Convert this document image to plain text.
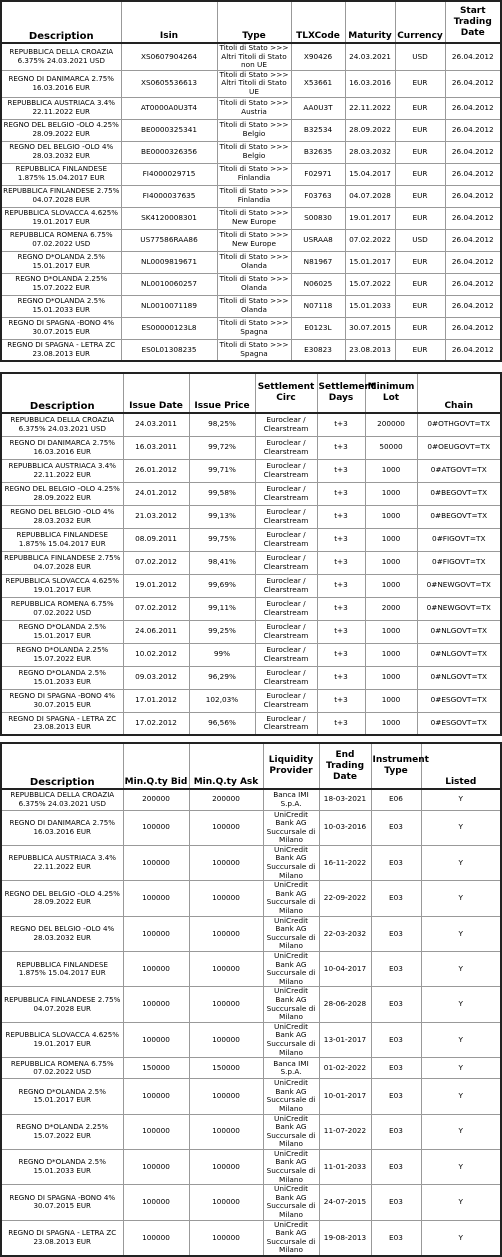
Description	Isin	Type	TLXCode	Maturity	Currency	Start Trading Date
REPUBBLICA DELLA CROAZIA 6.375% 24.03.2021 USD	XS0607904264	Titoli di Stato >>> Altri Titoli di Stato non UE	X90426	24.03.2021	USD	26.04.2012
REGNO DI DANIMARCA 2.75% 16.03.2016 EUR	XS0605536613	Titoli di Stato >>> Altri Titoli di Stato UE	X53661	16.03.2016	EUR	26.04.2012
REPUBBLICA AUSTRIACA 3.4% 22.11.2022 EUR	AT0000A0U3T4	Titoli di Stato >>> Austria	AA0U3T	22.11.2022	EUR	26.04.2012
REGNO DEL BELGIO -OLO 4.25% 28.09.2022 EUR	BE0000325341	Titoli di Stato >>> Belgio	B32534	28.09.2022	EUR	26.04.2012
REGNO DEL BELGIO -OLO 4% 28.03.2032 EUR	BE0000326356	Titoli di Stato >>> Belgio	B32635	28.03.2032	EUR	26.04.2012
REPUBBLICA FINLANDESE 1.875% 15.04.2017 EUR	FI4000029715	Titoli di Stato >>> Finlandia	F02971	15.04.2017	EUR	26.04.2012
REPUBBLICA FINLANDESE 2.75% 04.07.2028 EUR	FI4000037635	Titoli di Stato >>> Finlandia	F03763	04.07.2028	EUR	26.04.2012
REPUBBLICA SLOVACCA 4.625% 19.01.2017 EUR	SK4120008301	Titoli di Stato >>> New Europe	S00830	19.01.2017	EUR	26.04.2012
REPUBBLICA ROMENA 6.75% 07.02.2022 USD	US77586RAA86	Titoli di Stato >>> New Europe	USRAA8	07.02.2022	USD	26.04.2012
REGNO D*OLANDA 2.5% 15.01.2017 EUR	NL0009819671	Titoli di Stato >>> Olanda	N81967	15.01.2017	EUR	26.04.2012
REGNO D*OLANDA 2.25% 15.07.2022 EUR	NL0010060257	Titoli di Stato >>> Olanda	N06025	15.07.2022	EUR	26.04.2012
REGNO D*OLANDA 2.5% 15.01.2033 EUR	NL0010071189	Titoli di Stato >>> Olanda	N07118	15.01.2033	EUR	26.04.2012
REGNO DI SPAGNA -BONO 4% 30.07.2015 EUR	ES00000123L8	Titoli di Stato >>> Spagna	E0123L	30.07.2015	EUR	26.04.2012
REGNO DI SPAGNA - LETRA ZC 23.08.2013 EUR	ES0L01308235	Titoli di Stato >>> Spagna	E30823	23.08.2013	EUR	26.04.2012
Description	Issue Date	Issue Price	Settlement Circ	Settlement Days	Minimum Lot	Chain
REPUBBLICA DELLA CROAZIA 6.375% 24.03.2021 USD	24.03.2011	98,25%	Euroclear / Clearstream	t+3	200000	0#OTHGOVT=TX
REGNO DI DANIMARCA 2.75% 16.03.2016 EUR	16.03.2011	99,72%	Euroclear / Clearstream	t+3	50000	0#OEUGOVT=TX
REPUBBLICA AUSTRIACA 3.4% 22.11.2022 EUR	26.01.2012	99,71%	Euroclear / Clearstream	t+3	1000	0#ATGOVT=TX
REGNO DEL BELGIO -OLO 4.25% 28.09.2022 EUR	24.01.2012	99,58%	Euroclear / Clearstream	t+3	1000	0#BEGOVT=TX
REGNO DEL BELGIO -OLO 4% 28.03.2032 EUR	21.03.2012	99,13%	Euroclear / Clearstream	t+3	1000	0#BEGOVT=TX
REPUBBLICA FINLANDESE 1.875% 15.04.2017 EUR	08.09.2011	99,75%	Euroclear / Clearstream	t+3	1000	0#FIGOVT=TX
REPUBBLICA FINLANDESE 2.75% 04.07.2028 EUR	07.02.2012	98,41%	Euroclear / Clearstream	t+3	1000	0#FIGOVT=TX
REPUBBLICA SLOVACCA 4.625% 19.01.2017 EUR	19.01.2012	99,69%	Euroclear / Clearstream	t+3	1000	0#NEWGOVT=TX
REPUBBLICA ROMENA 6.75% 07.02.2022 USD	07.02.2012	99,11%	Euroclear / Clearstream	t+3	2000	0#NEWGOVT=TX
REGNO D*OLANDA 2.5% 15.01.2017 EUR	24.06.2011	99,25%	Euroclear / Clearstream	t+3	1000	0#NLGOVT=TX
REGNO D*OLANDA 2.25% 15.07.2022 EUR	10.02.2012	99%	Euroclear / Clearstream	t+3	1000	0#NLGOVT=TX
REGNO D*OLANDA 2.5% 15.01.2033 EUR	09.03.2012	96,29%	Euroclear / Clearstream	t+3	1000	0#NLGOVT=TX
REGNO DI SPAGNA -BONO 4% 30.07.2015 EUR	17.01.2012	102,03%	Euroclear / Clearstream	t+3	1000	0#ESGOVT=TX
REGNO DI SPAGNA - LETRA ZC 23.08.2013 EUR	17.02.2012	96,56%	Euroclear / Clearstream	t+3	1000	0#ESGOVT=TX
Description	Min.Q.ty Bid	Min.Q.ty Ask	Liquidity Provider	End Trading Date	Instrument Type	Listed
REPUBBLICA DELLA CROAZIA 6.375% 24.03.2021 USD	200000	200000	Banca IMI S.p.A.	18-03-2021	E06	Y
REGNO DI DANIMARCA 2.75% 16.03.2016 EUR	100000	100000	UniCredit Bank AG Succursale di Milano	10-03-2016	E03	Y
REPUBBLICA AUSTRIACA 3.4% 22.11.2022 EUR	100000	100000	UniCredit Bank AG Succursale di Milano	16-11-2022	E03	Y
REGNO DEL BELGIO -OLO 4.25% 28.09.2022 EUR	100000	100000	UniCredit Bank AG Succursale di Milano	22-09-2022	E03	Y
REGNO DEL BELGIO -OLO 4% 28.03.2032 EUR	100000	100000	UniCredit Bank AG Succursale di Milano	22-03-2032	E03	Y
REPUBBLICA FINLANDESE 1.875% 15.04.2017 EUR	100000	100000	UniCredit Bank AG Succursale di Milano	10-04-2017	E03	Y
REPUBBLICA FINLANDESE 2.75% 04.07.2028 EUR	100000	100000	UniCredit Bank AG Succursale di Milano	28-06-2028	E03	Y
REPUBBLICA SLOVACCA 4.625% 19.01.2017 EUR	100000	100000	UniCredit Bank AG Succursale di Milano	13-01-2017	E03	Y
REPUBBLICA ROMENA 6.75% 07.02.2022 USD	150000	150000	Banca IMI S.p.A.	01-02-2022	E03	Y
REGNO D*OLANDA 2.5% 15.01.2017 EUR	100000	100000	UniCredit Bank AG Succursale di Milano	10-01-2017	E03	Y
REGNO D*OLANDA 2.25% 15.07.2022 EUR	100000	100000	UniCredit Bank AG Succursale di Milano	11-07-2022	E03	Y
REGNO D*OLANDA 2.5% 15.01.2033 EUR	100000	100000	UniCredit Bank AG Succursale di Milano	11-01-2033	E03	Y
REGNO DI SPAGNA -BONO 4% 30.07.2015 EUR	100000	100000	UniCredit Bank AG Succursale di Milano	24-07-2015	E03	Y
REGNO DI SPAGNA - LETRA ZC 23.08.2013 EUR	100000	100000	UniCredit Bank AG Succursale di Milano	19-08-2013	E03	Y
